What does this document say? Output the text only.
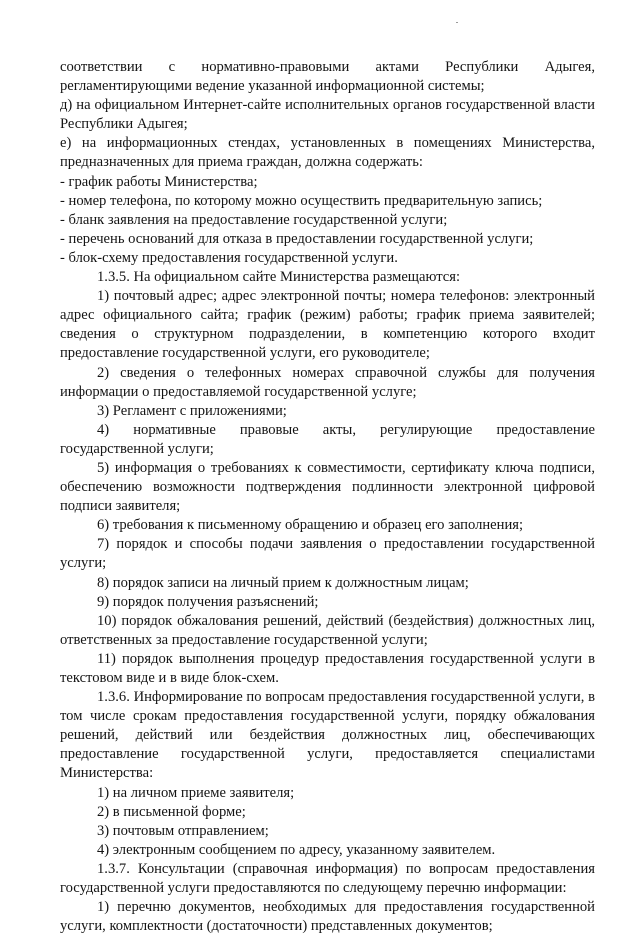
соответствии с нормативно-правовыми актами Республики Адыгея, регламентирующими ведение указанной информационной системы;

д) на официальном Интернет-сайте исполнительных органов государственной власти Республики Адыгея;

е) на информационных стендах, установленных в помещениях Министерства, предназначенных для приема граждан, должна содержать:

- график работы Министерства;

- номер телефона, по которому можно осуществить предварительную запись;

- бланк заявления на предоставление государственной услуги;

- перечень оснований для отказа в предоставлении государственной услуги;

- блок-схему предоставления государственной услуги.

1.3.5. На официальном сайте Министерства размещаются:

1) почтовый адрес; адрес электронной почты; номера телефонов: электронный адрес официального сайта; график (режим) работы; график приема заявителей; сведения о структурном подразделении, в компетенцию которого входит предоставление государственной услуги, его руководителе;

2) сведения о телефонных номерах справочной службы для получения информации о предоставляемой государственной услуге;

3) Регламент с приложениями;

4) нормативные правовые акты, регулирующие предоставление государственной услуги;

5) информация о требованиях к совместимости, сертификату ключа подписи, обеспечению возможности подтверждения подлинности электронной цифровой подписи заявителя;

6) требования к письменному обращению и образец его заполнения;

7) порядок и способы подачи заявления о предоставлении государственной услуги;

8) порядок записи на личный прием к должностным лицам;

9) порядок получения разъяснений;

10) порядок обжалования решений, действий (бездействия) должностных лиц, ответственных за предоставление государственной услуги;

11) порядок выполнения процедур предоставления государственной услуги в текстовом виде и в виде блок-схем.

1.3.6. Информирование по вопросам предоставления государственной услуги, в том числе срокам предоставления государственной услуги, порядку обжалования решений, действий или бездействия должностных лиц, обеспечивающих предоставление государственной услуги, предоставляется специалистами Министерства:

1) на личном приеме заявителя;

2) в письменной форме;

3) почтовым отправлением;

4) электронным сообщением по адресу, указанному заявителем.

1.3.7. Консультации (справочная информация) по вопросам предоставления государственной услуги предоставляются по следующему перечню информации:

1) перечню документов, необходимых для предоставления государственной услуги, комплектности (достаточности) представленных документов;
